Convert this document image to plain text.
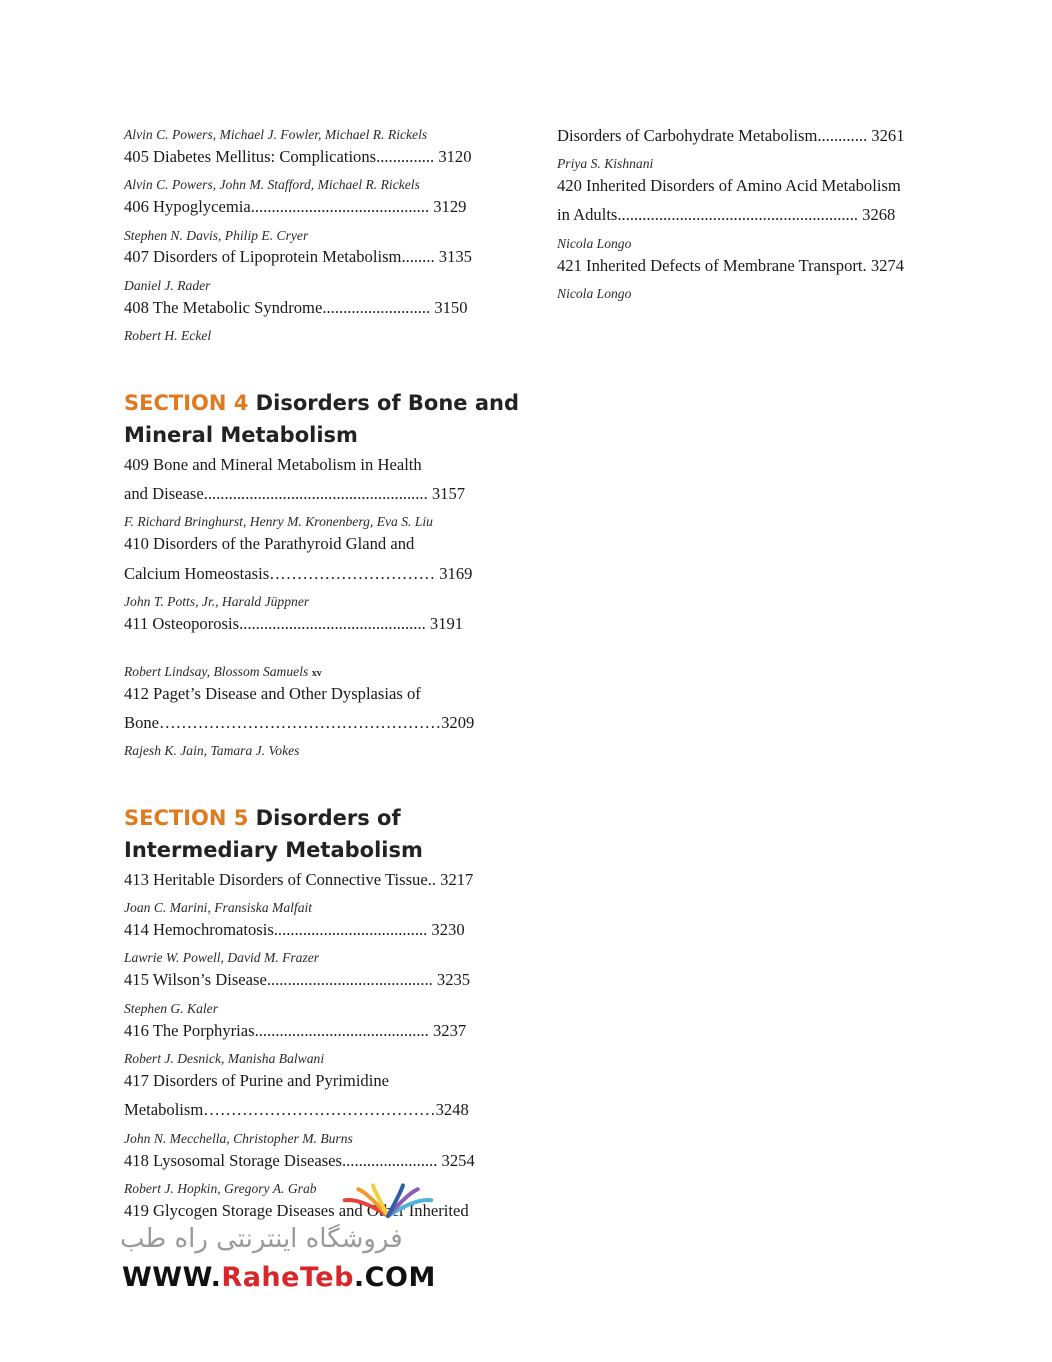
Alvin C. Powers, Michael J. Fowler, Michael R. Rickels
405 Diabetes Mellitus: Complications.............. 3120
Alvin C. Powers, John M. Stafford, Michael R. Rickels
406 Hypoglycemia........................................... 3129
Stephen N. Davis, Philip E. Cryer
407 Disorders of Lipoprotein Metabolism........ 3135
Daniel J. Rader
408 The Metabolic Syndrome.......................... 3150
Robert H. Eckel
SECTION 4 Disorders of Bone and
Mineral Metabolism
409 Bone and Mineral Metabolism in Health
and Disease...................................................... 3157
F. Richard Bringhurst, Henry M. Kronenberg, Eva S. Liu
410 Disorders of the Parathyroid Gland and
Calcium Homeostasis………………………… 3169
John T. Potts, Jr., Harald Jüppner
411 Osteoporosis............................................. 3191
Robert Lindsay, Blossom Samuels xv
412 Paget’s Disease and Other Dysplasias of
Bone……………………………………………3209
Rajesh K. Jain, Tamara J. Vokes
SECTION 5 Disorders of
Intermediary Metabolism
413 Heritable Disorders of Connective Tissue.. 3217
Joan C. Marini, Fransiska Malfait
414 Hemochromatosis..................................... 3230
Lawrie W. Powell, David M. Frazer
415 Wilson’s Disease........................................ 3235
Stephen G. Kaler
416 The Porphyrias.......................................... 3237
Robert J. Desnick, Manisha Balwani
417 Disorders of Purine and Pyrimidine
Metabolism……………………………………3248
John N. Mecchella, Christopher M. Burns
418 Lysosomal Storage Diseases....................... 3254
Robert J. Hopkin, Gregory A. Grab
419 Glycogen Storage Diseases and Other Inherited
Disorders of Carbohydrate Metabolism............ 3261
Priya S. Kishnani
420 Inherited Disorders of Amino Acid Metabolism
in Adults.......................................................... 3268
Nicola Longo
421 Inherited Defects of Membrane Transport. 3274
Nicola Longo
فروشگاه اینترنتی راه طب
WWW.RaheTeb.COM
